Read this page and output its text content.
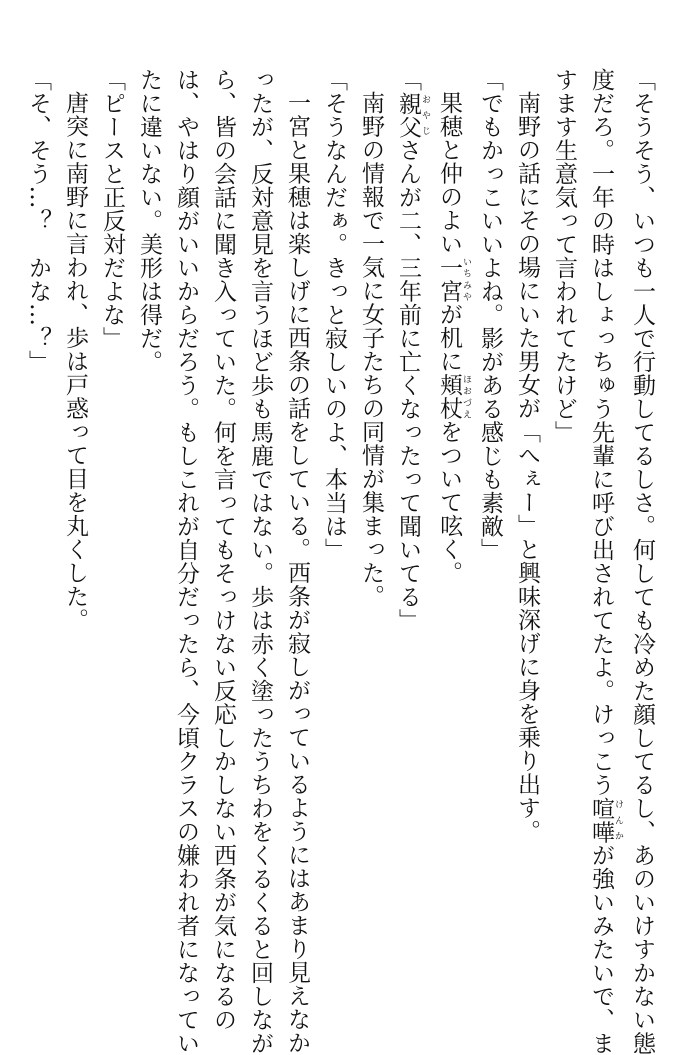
「そうそう、いつも一人で行動してるしさ。何しても冷めた顔してるし、あのいけすかない態
度だろ。一年の時はしょっちゅう先輩に呼び出されてたよ。けっこう喧嘩 けんかが強いみたいで、ま
すます生意気って言われてたけど」
南野の話にその場にいた男女が「へぇー」と興味深げに身を乗り出す。
「でもかっこいいよね。影がある感じも素敵」
果穂と仲のよい一宮 いちみやが机に頬杖 ほおづえをついて呟く。
「親父 おやじさんが二、三年前に亡くなったって聞いてる」
南野の情報で一気に女子たちの同情が集まった。
「そうなんだぁ。きっと寂しいのよ、本当は」
一宮と果穂は楽しげに西条の話をしている。西条が寂しがっているようにはあまり見えなか
ったが、反対意見を言うほど歩も馬鹿ではない。歩は赤く塗ったうちわをくるくると回しなが
ら、皆の会話に聞き入っていた。何を言ってもそっけない反応しかしない西条が気になるの
は、やはり顔がいいからだろう。もしこれが自分だったら、今頃クラスの嫌われ者になってい
たに違いない。美形は得だ。
「ピースと正反対だよな」
唐突に南野に言われ、歩は戸惑って目を丸くした。
「そ、そう…？　かな…？」
